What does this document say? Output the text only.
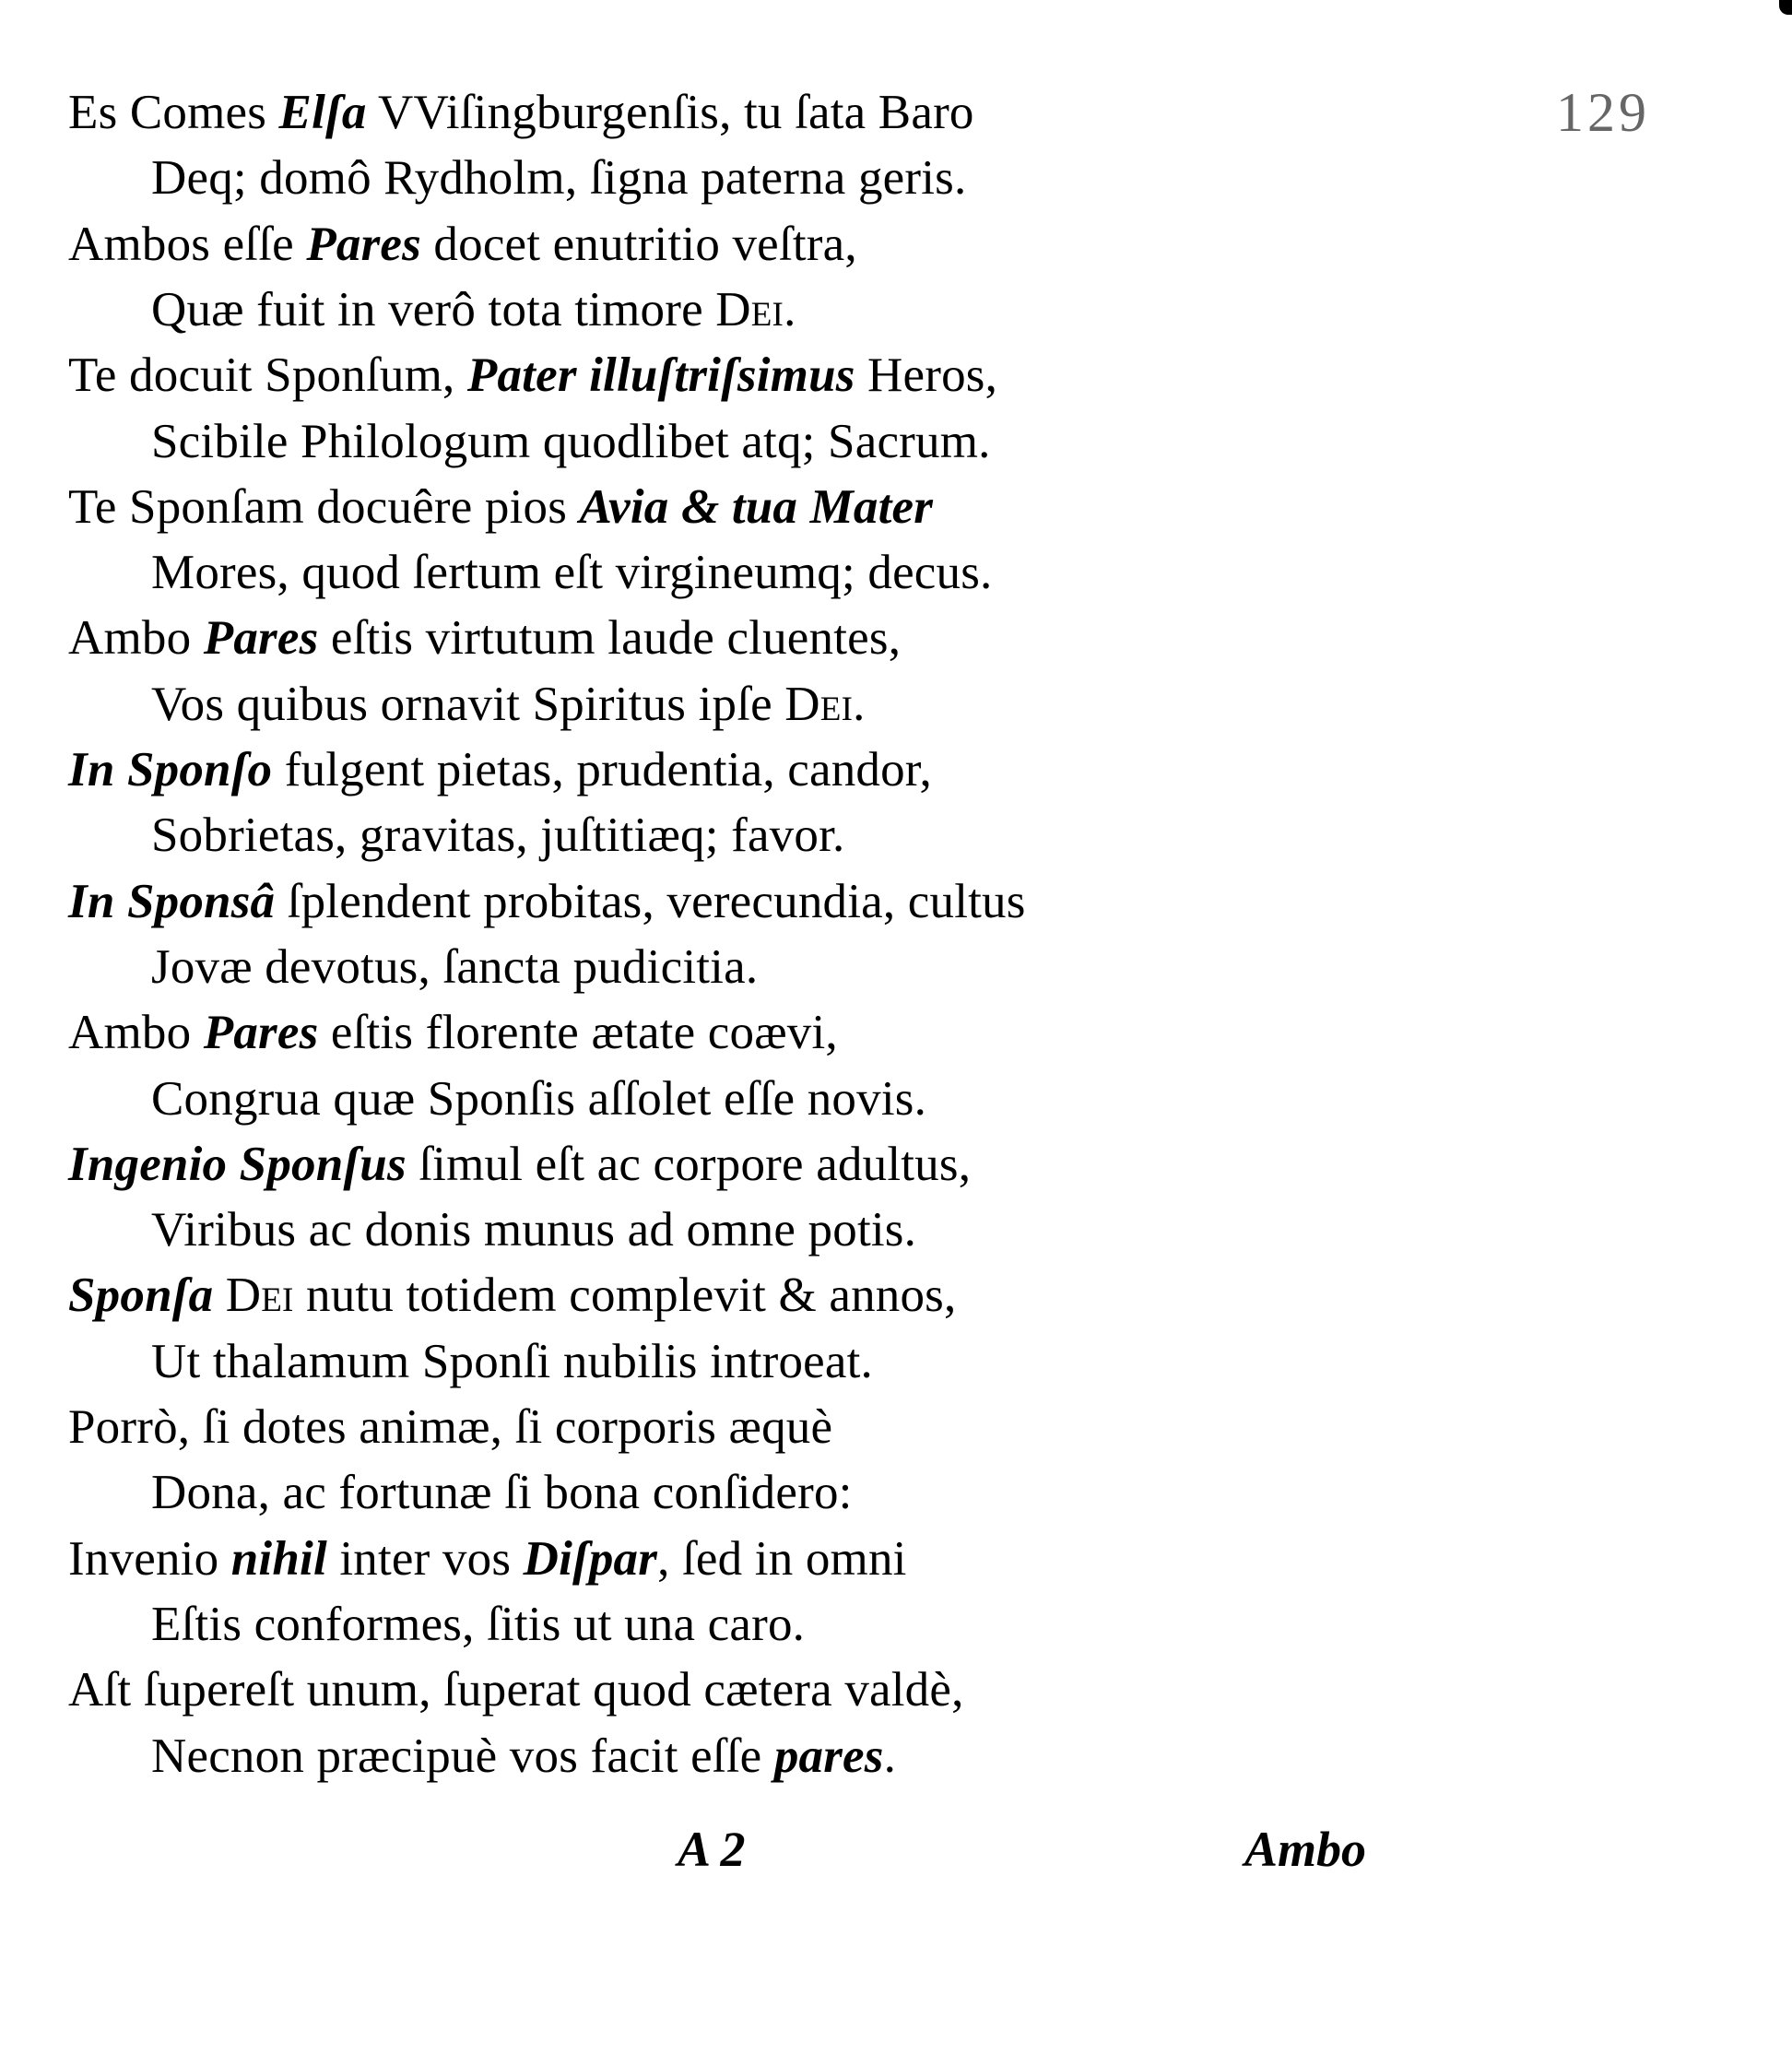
129
Es Comes Elſa VViſingburgenſis, tu ſata Baro
Deq; domô Rydholm, ſigna paterna geris.
Ambos eſſe Pares docet enutritio veſtra,
Quæ fuit in verô tota timore Dei.
Te docuit Sponſum, Pater illuſtriſsimus Heros,
Scibile Philologum quodlibet atq; Sacrum.
Te Sponſam docuêre pios Avia & tua Mater
Mores, quod ſertum eſt virgineumq; decus.
Ambo Pares eſtis virtutum laude cluentes,
Vos quibus ornavit Spiritus ipſe Dei.
In Sponſo fulgent pietas, prudentia, candor,
Sobrietas, gravitas, juſtitiæq; favor.
In Sponsâ ſplendent probitas, verecundia, cultus
Jovæ devotus, ſancta pudicitia.
Ambo Pares eſtis florente ætate coævi,
Congrua quæ Sponſis aſſolet eſſe novis.
Ingenio Sponſus ſimul eſt ac corpore adultus,
Viribus ac donis munus ad omne potis.
Sponſa Dei nutu totidem complevit & annos,
Ut thalamum Sponſi nubilis introeat.
Porrò, ſi dotes animæ, ſi corporis æquè
Dona, ac fortunæ ſi bona conſidero:
Invenio nihil inter vos Diſpar, ſed in omni
Eſtis conformes, ſitis ut una caro.
Aſt ſupereſt unum, ſuperat quod cætera valdè,
Necnon præcipuè vos facit eſſe pares.
A 2	Ambo
